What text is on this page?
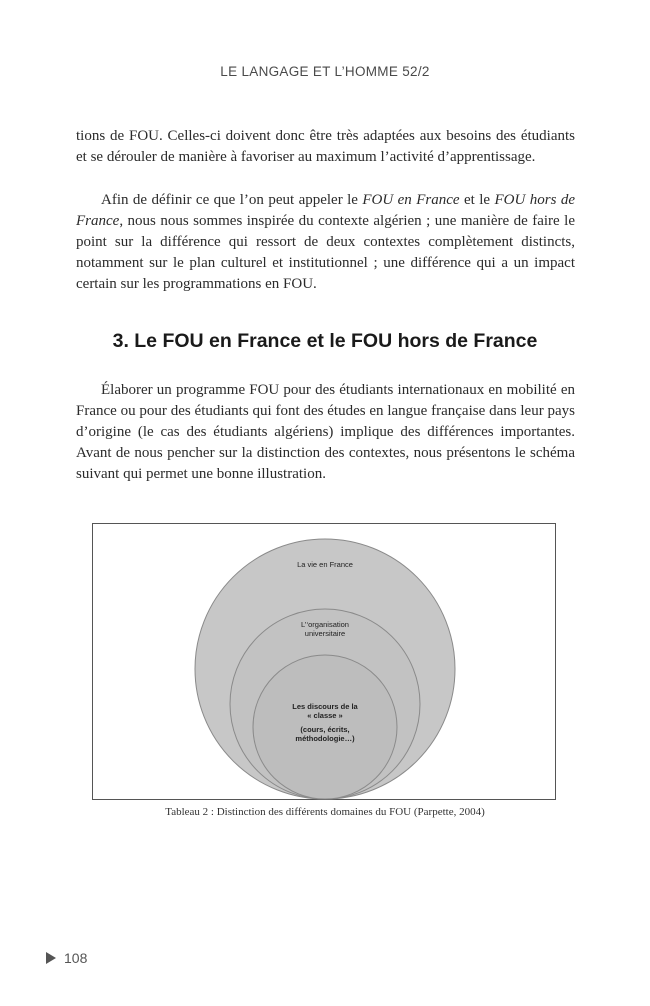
LE LANGAGE ET L’HOMME 52/2

tions de FOU. Celles-ci doivent donc être très adaptées aux besoins des étudiants et se dérouler de manière à favoriser au maximum l’activité d’apprentissage.

Afin de définir ce que l’on peut appeler le FOU en France et le FOU hors de France, nous nous sommes inspirée du contexte algérien ; une manière de faire le point sur la différence qui ressort de deux contextes complètement distincts, notamment sur le plan culturel et institutionnel ; une différence qui a un impact certain sur les programmations en FOU.

3. Le FOU en France et le FOU hors de France

Élaborer un programme FOU pour des étudiants internationaux en mobilité en France ou pour des étudiants qui font des études en langue française dans leur pays d’origine (le cas des étudiants algériens) implique des différences importantes. Avant de nous pencher sur la distinction des contextes, nous présentons le schéma suivant qui permet une bonne illustration.

La vie en France
L’‘organisation
universitaire
Les discours de la
« classe »
(cours, écrits,
méthodologie…)
Tableau 2 : Distinction des différents domaines du FOU (Parpette, 2004)
108
